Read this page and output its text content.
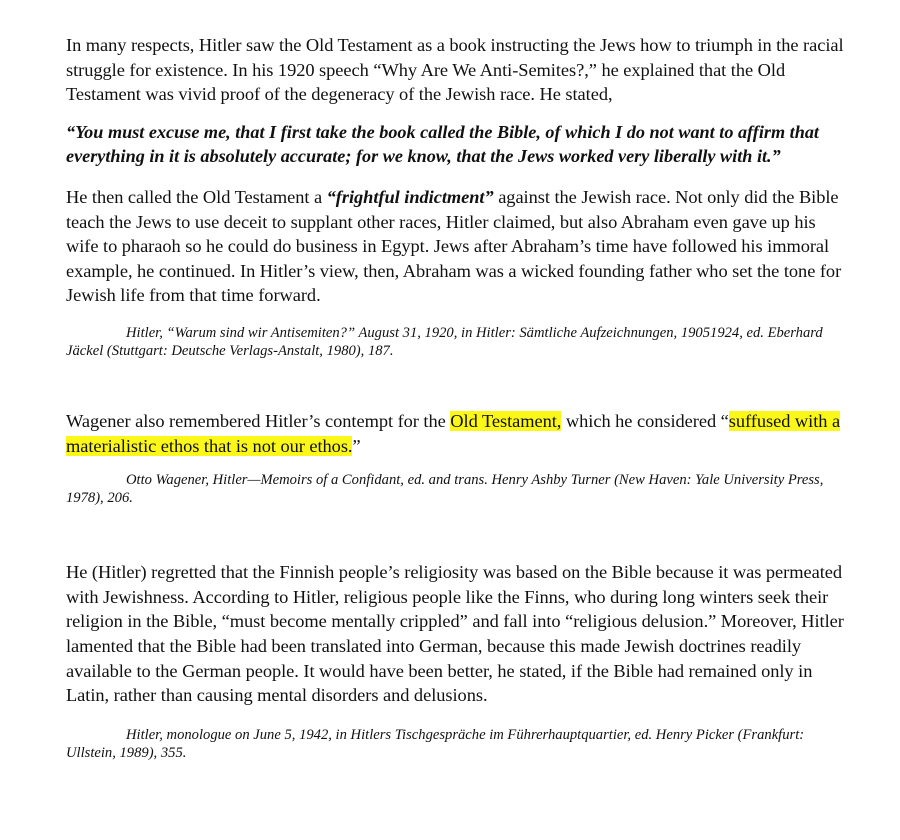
In many respects, Hitler saw the Old Testament as a book instructing the Jews how to triumph in the racial struggle for existence. In his 1920 speech “Why Are We Anti-Semites?,” he explained that the Old Testament was vivid proof of the degeneracy of the Jewish race. He stated,

“You must excuse me, that I first take the book called the Bible, of which I do not want to affirm that everything in it is absolutely accurate; for we know, that the Jews worked very liberally with it.”

He then called the Old Testament a “frightful indictment” against the Jewish race. Not only did the Bible teach the Jews to use deceit to supplant other races, Hitler claimed, but also Abraham even gave up his wife to pharaoh so he could do business in Egypt. Jews after Abraham’s time have followed his immoral example, he continued. In Hitler’s view, then, Abraham was a wicked founding father who set the tone for Jewish life from that time forward.

Hitler, “Warum sind wir Antisemiten?” August 31, 1920, in Hitler: Sämtliche Aufzeichnungen, 19051924, ed. Eberhard Jäckel (Stuttgart: Deutsche Verlags-Anstalt, 1980), 187.

Wagener also remembered Hitler’s contempt for the Old Testament, which he considered “suffused with a materialistic ethos that is not our ethos.”

Otto Wagener, Hitler—Memoirs of a Confidant, ed. and trans. Henry Ashby Turner (New Haven: Yale University Press, 1978), 206.

He (Hitler) regretted that the Finnish people’s religiosity was based on the Bible because it was permeated with Jewishness. According to Hitler, religious people like the Finns, who during long winters seek their religion in the Bible, “must become mentally crippled” and fall into “religious delusion.” Moreover, Hitler lamented that the Bible had been translated into German, because this made Jewish doctrines readily available to the German people. It would have been better, he stated, if the Bible had remained only in Latin, rather than causing mental disorders and delusions.

Hitler, monologue on June 5, 1942, in Hitlers Tischgespräche im Führerhauptquartier, ed. Henry Picker (Frankfurt: Ullstein, 1989), 355.
